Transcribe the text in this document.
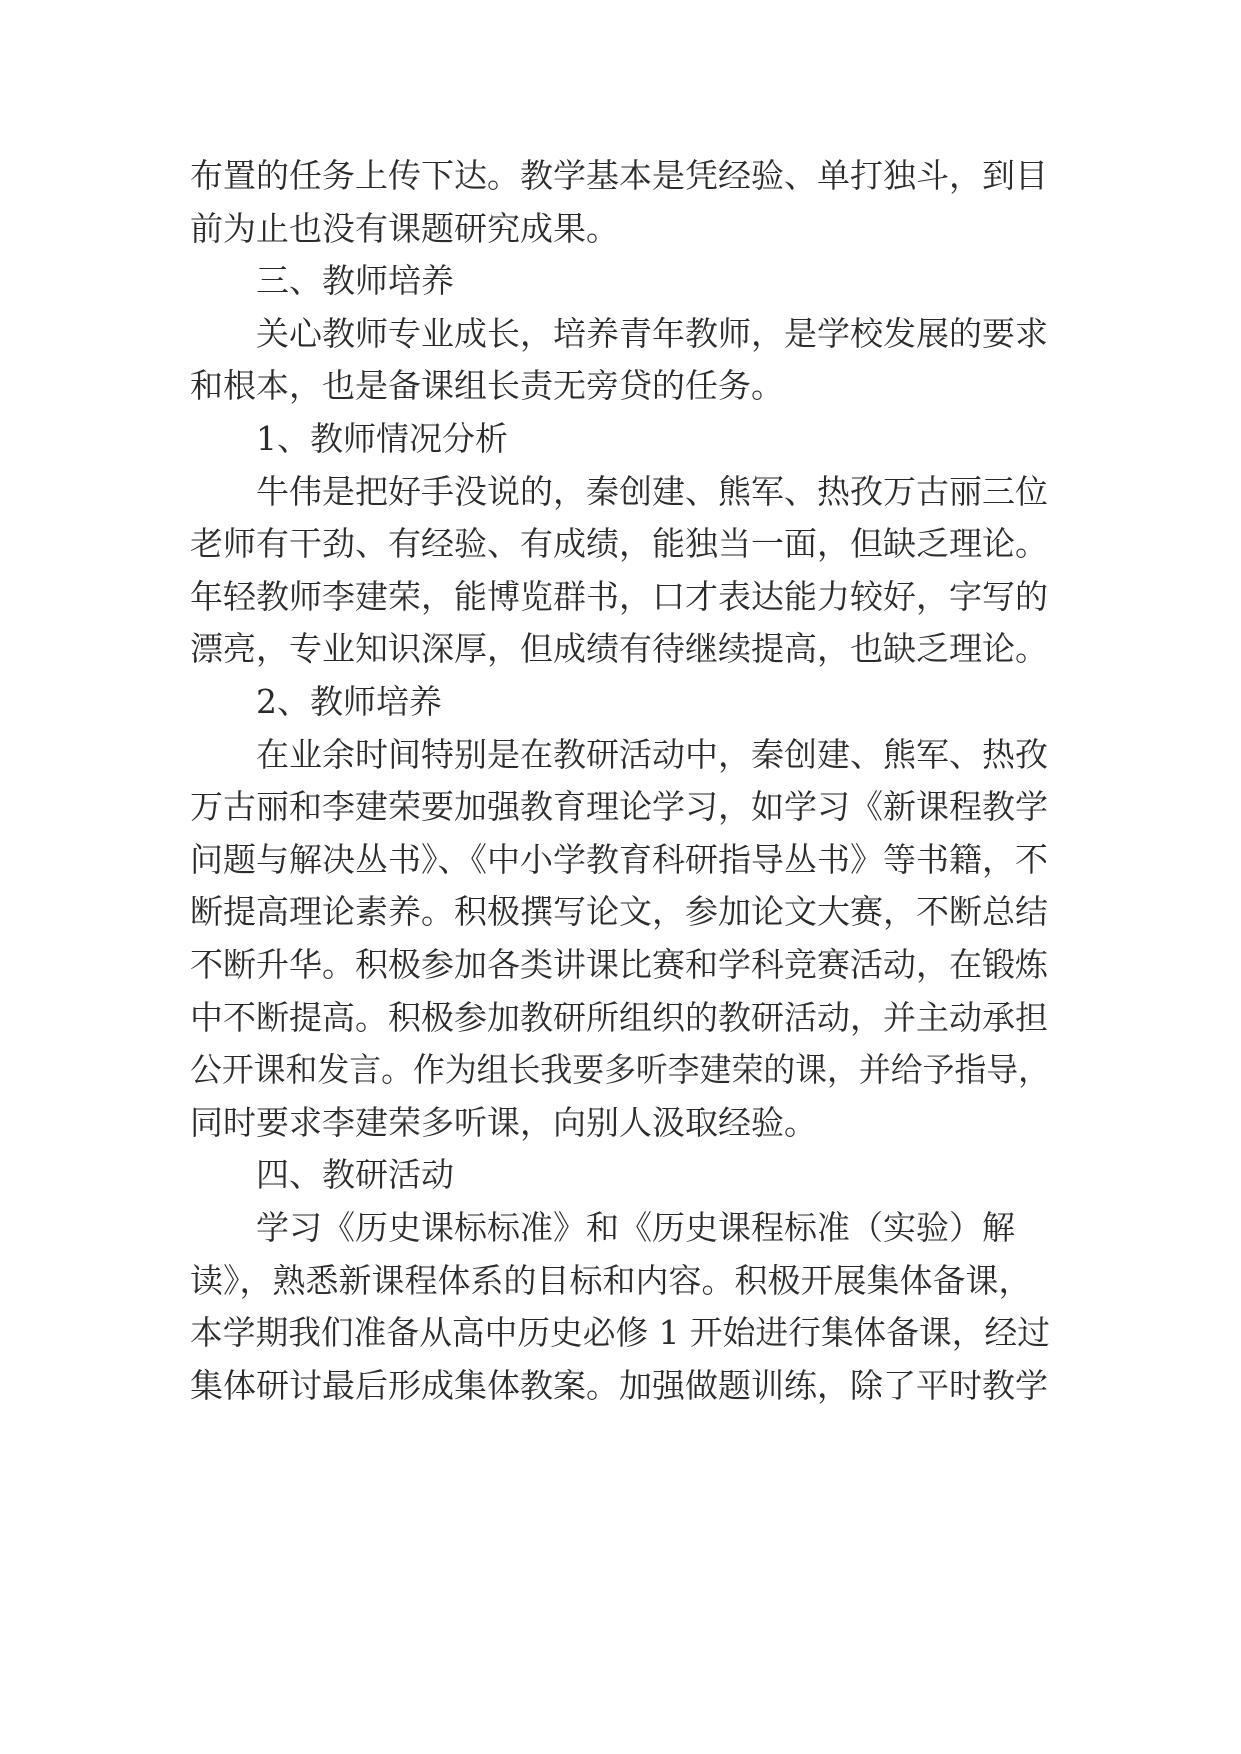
布置的任务上传下达。教学基本是凭经验、单打独斗，到目
前为止也没有课题研究成果。
三、教师培养
关心教师专业成长，培养青年教师，是学校发展的要求
和根本，也是备课组长责无旁贷的任务。
1、教师情况分析
牛伟是把好手没说的，秦创建、熊军、热孜万古丽三位
老师有干劲、有经验、有成绩，能独当一面，但缺乏理论。
年轻教师李建荣，能博览群书，口才表达能力较好，字写的
漂亮，专业知识深厚，但成绩有待继续提高，也缺乏理论。
2、教师培养
在业余时间特别是在教研活动中，秦创建、熊军、热孜
万古丽和李建荣要加强教育理论学习，如学习《新课程教学
问题与解决丛书》、《中小学教育科研指导丛书》等书籍，不
断提高理论素养。积极撰写论文，参加论文大赛，不断总结
不断升华。积极参加各类讲课比赛和学科竞赛活动，在锻炼
中不断提高。积极参加教研所组织的教研活动，并主动承担
公开课和发言。作为组长我要多听李建荣的课，并给予指导，
同时要求李建荣多听课，向别人汲取经验。
四、教研活动
学习《历史课标标准》和《历史课程标准（实验）解
读》，熟悉新课程体系的目标和内容。积极开展集体备课，
本学期我们准备从高中历史必修 1 开始进行集体备课，经过
集体研讨最后形成集体教案。加强做题训练，除了平时教学
